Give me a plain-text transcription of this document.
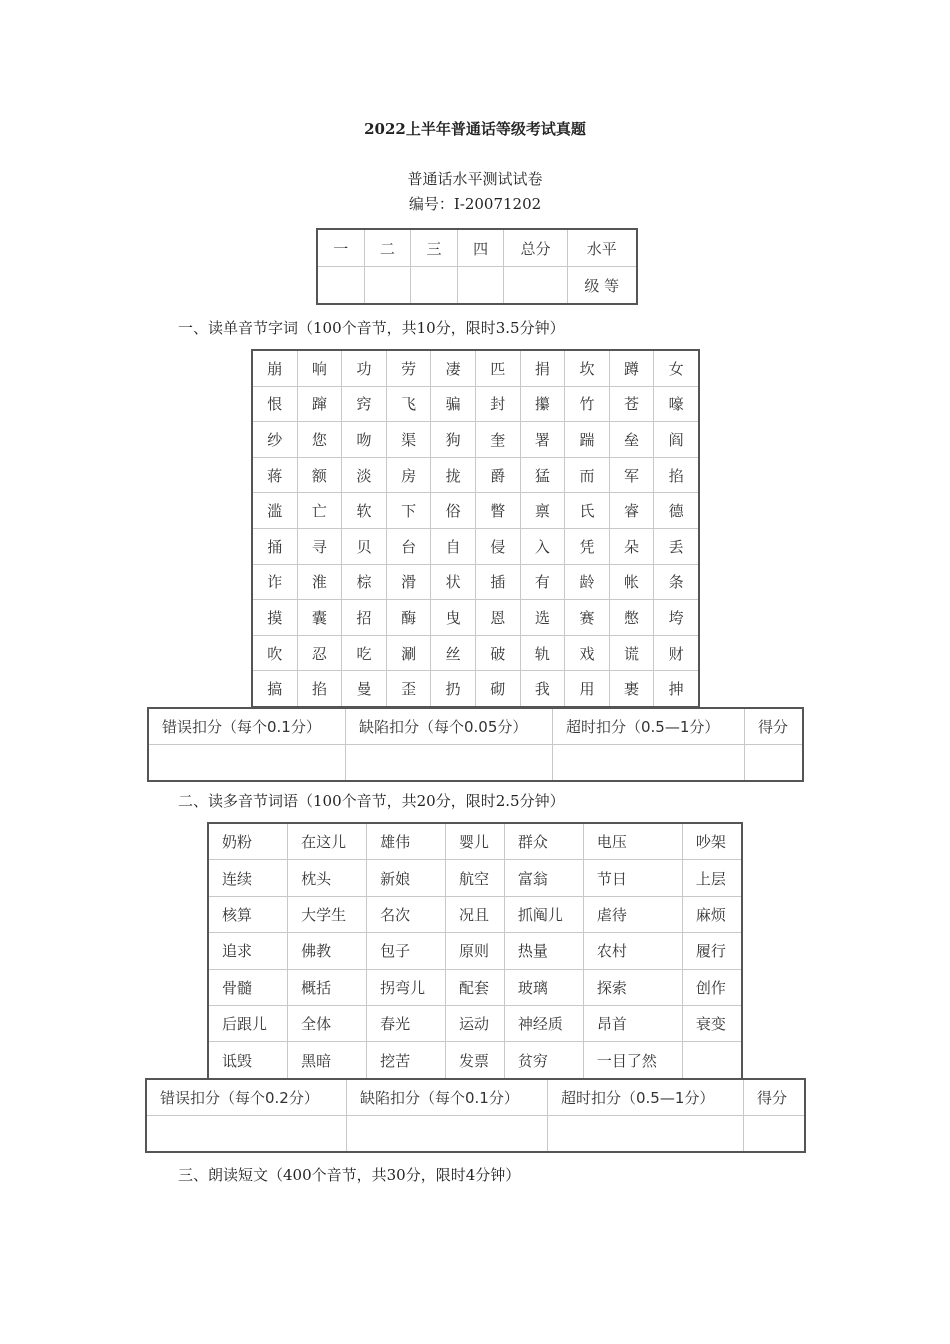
2022上半年普通话等级考试真题
普通话水平测试试卷
编号：I-20071202
一	二	三	四	总分	水平
					级 等
一、读单音节字词（100个音节，共10分，限时3.5分钟）
崩	响	功	劳	凄	匹	捐	坎	蹲	女
恨	蹿	窍	飞	骗	封	攥	竹	苍	嚎
纱	您	吻	渠	狗	奎	署	踹	垒	阎
蒋	额	淡	房	拢	爵	猛	而	军	掐
滥	亡	软	下	俗	瞥	禀	氏	睿	德
捅	寻	贝	台	自	侵	入	凭	朵	丢
诈	淮	棕	滑	状	插	有	龄	帐	条
摸	囊	招	酶	曳	恩	选	赛	憋	垮
吹	忍	吃	涮	丝	破	轨	戏	谎	财
搞	掐	曼	歪	扔	砌	我	用	裹	抻
错误扣分（每个0.1分）	缺陷扣分（每个0.05分）	超时扣分（0.5—1分）	得分

二、读多音节词语（100个音节，共20分，限时2.5分钟）
奶粉	在这儿	雄伟	婴儿	群众	电压	吵架
连续	枕头	新娘	航空	富翁	节日	上层
核算	大学生	名次	况且	抓阄儿	虐待	麻烦
追求	佛教	包子	原则	热量	农村	履行
骨髓	概括	拐弯儿	配套	玻璃	探索	创作
后跟儿	全体	春光	运动	神经质	昂首	衰变
诋毁	黑暗	挖苦	发票	贫穷	一目了然	
错误扣分（每个0.2分）	缺陷扣分（每个0.1分）	超时扣分（0.5—1分）	得分

三、朗读短文（400个音节，共30分，限时4分钟）
